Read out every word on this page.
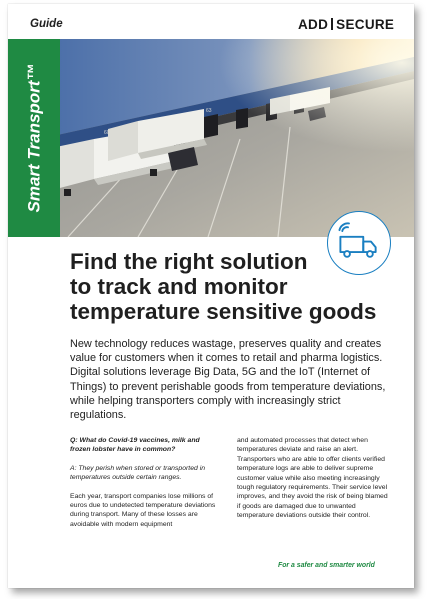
Guide	ADD SECURE
Smart Transport™
Find the right solution
to track and monitor
temperature sensitive goods
New technology reduces wastage, preserves quality and creates value for customers when it comes to retail and pharma logistics. Digital solutions leverage Big Data, 5G and the IoT (Internet of Things) to prevent perishable goods from temperature deviations, while helping transporters comply with increasingly strict regulations.

Q: What do Covid-19 vaccines, milk and frozen lobster have in common?

A: They perish when stored or transported in temperatures outside certain ranges.

Each year, transport companies lose millions of euros due to undetected temperature deviations during transport. Many of these losses are avoidable with modern equipment

and automated processes that detect when temperatures deviate and raise an alert. Transporters who are able to offer clients verified temperature logs are able to deliver supreme customer value while also meeting increasingly tough regulatory requirements. Their service level improves, and they avoid the risk of being blamed if goods are damaged due to unwanted temperature deviations outside their control.

For a safer and smarter world
